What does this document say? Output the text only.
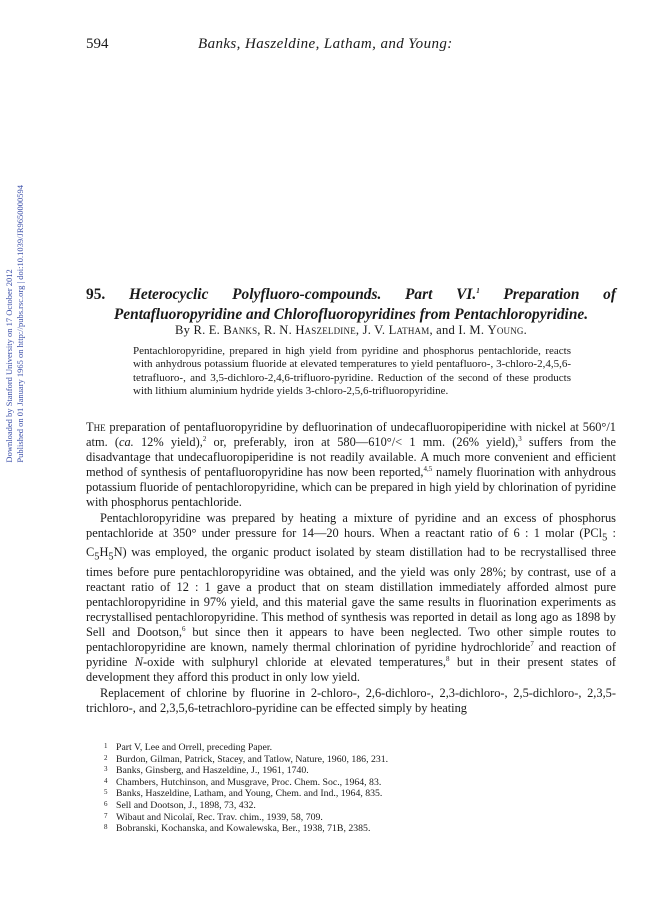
Downloaded by Stanford University on 17 October 2012 Published on 01 January 1965 on http://pubs.rsc.org | doi:10.1039/JR9650000594
594	Banks, Haszeldine, Latham, and Young:
95. Heterocyclic Polyfluoro-compounds. Part VI.$^1$ Preparation of
Pentafluoropyridine and Chlorofluoropyridines from Pentachloropyridine.
By R. E. Banks, R. N. Haszeldine, J. V. Latham, and I. M. Young.
Pentachloropyridine, prepared in high yield from pyridine and phosphorus pentachloride, reacts with anhydrous potassium fluoride at elevated temperatures to yield pentafluoro-, 3-chloro-2,4,5,6-tetrafluoro-, and 3,5-dichloro-2,4,6-trifluoro-pyridine. Reduction of the second of these products with lithium aluminium hydride yields 3-chloro-2,5,6-trifluoropyridine.

The preparation of pentafluoropyridine by defluorination of undecafluoropiperidine with nickel at 560°/1 atm. (ca. 12% yield),$^2$ or, preferably, iron at 580—610°/< 1 mm. (26% yield),$^3$ suffers from the disadvantage that undecafluoropiperidine is not readily available. A much more convenient and efficient method of synthesis of pentafluoropyridine has now been reported,$^{4,5}$ namely fluorination with anhydrous potassium fluoride of pentachloropyridine, which can be prepared in high yield by chlorination of pyridine with phosphorus pentachloride.

Pentachloropyridine was prepared by heating a mixture of pyridine and an excess of phosphorus pentachloride at 350° under pressure for 14—20 hours. When a reactant ratio of 6 : 1 molar (PCl$_5$ : $C_5H_5N$) was employed, the organic product isolated by steam distillation had to be recrystallised three times before pure pentachloropyridine was obtained, and the yield was only 28%; by contrast, use of a reactant ratio of 12 : 1 gave a product that on steam distillation immediately afforded almost pure pentachloropyridine in 97% yield, and this material gave the same results in fluorination experiments as recrystallised pentachloropyridine. This method of synthesis was reported in detail as long ago as 1898 by Sell and Dootson,$^6$ but since then it appears to have been neglected. Two other simple routes to pentachloropyridine are known, namely thermal chlorination of pyridine hydrochloride$^7$ and reaction of pyridine N-oxide with sulphuryl chloride at elevated temperatures,$^8$ but in their present states of development they afford this product in only low yield.

Replacement of chlorine by fluorine in 2-chloro-, 2,6-dichloro-, 2,3-dichloro-, 2,5-dichloro-, 2,3,5-trichloro-, and 2,3,5,6-tetrachloro-pyridine can be effected simply by heating

1 Part V, Lee and Orrell, preceding Paper.
2 Burdon, Gilman, Patrick, Stacey, and Tatlow, Nature, 1960, 186, 231.
3 Banks, Ginsberg, and Haszeldine, J., 1961, 1740.
4 Chambers, Hutchinson, and Musgrave, Proc. Chem. Soc., 1964, 83.
5 Banks, Haszeldine, Latham, and Young, Chem. and Ind., 1964, 835.
6 Sell and Dootson, J., 1898, 73, 432.
7 Wibaut and Nicolaï, Rec. Trav. chim., 1939, 58, 709.
8 Bobranski, Kochanska, and Kowalewska, Ber., 1938, 71B, 2385.
